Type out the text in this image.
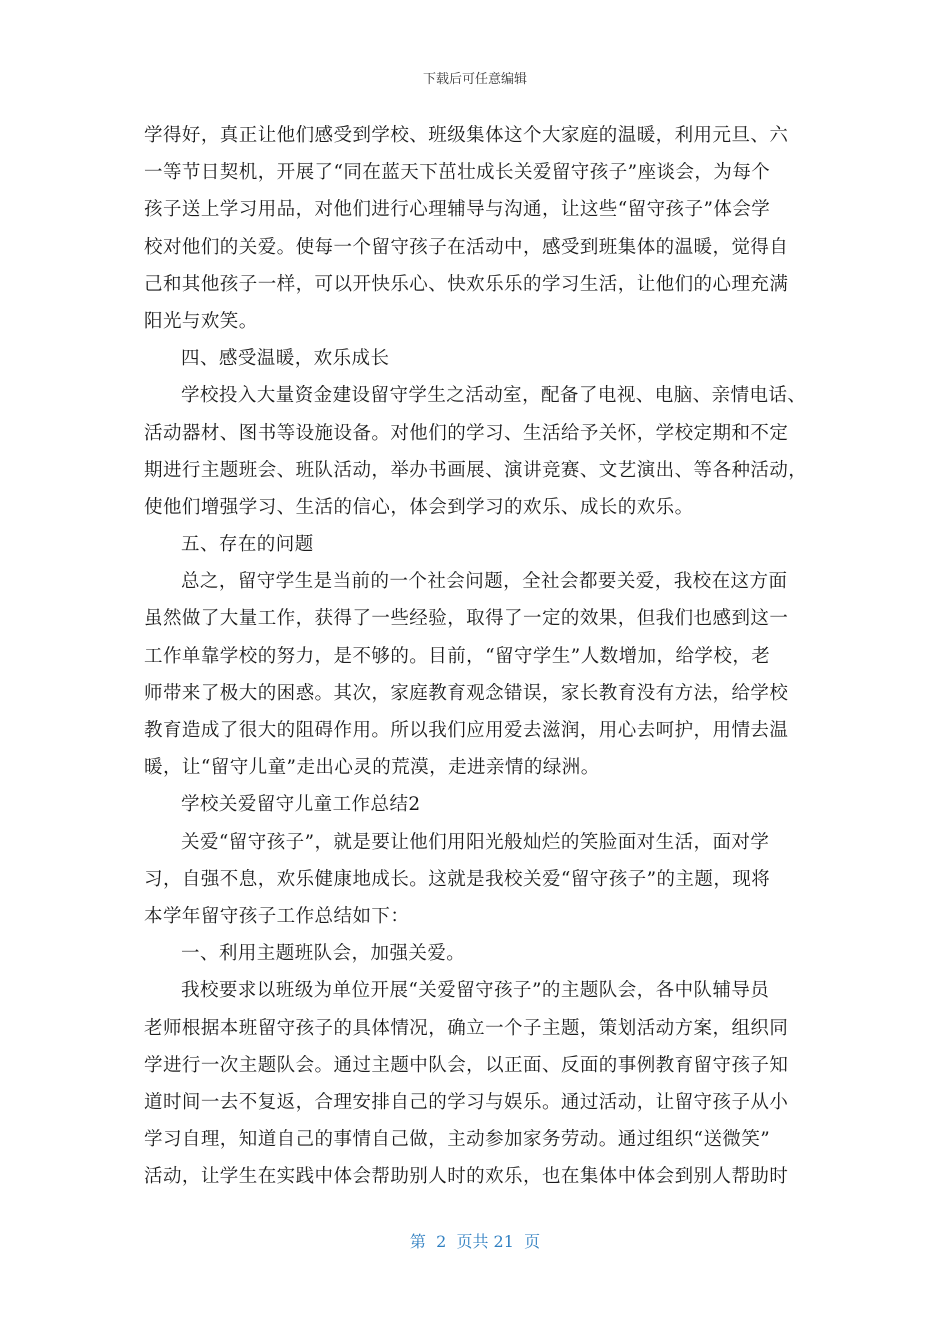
下载后可任意编辑
学得好，真正让他们感受到学校、班级集体这个大家庭的温暖，利用元旦、六
一等节日契机，开展了“同在蓝天下茁壮成长关爱留守孩子”座谈会，为每个
孩子送上学习用品，对他们进行心理辅导与沟通，让这些“留守孩子”体会学
校对他们的关爱。使每一个留守孩子在活动中，感受到班集体的温暖，觉得自
己和其他孩子一样，可以开快乐心、快欢乐乐的学习生活，让他们的心理充满
阳光与欢笑。
四、感受温暖，欢乐成长
学校投入大量资金建设留守学生之活动室，配备了电视、电脑、亲情电话、
活动器材、图书等设施设备。对他们的学习、生活给予关怀，学校定期和不定
期进行主题班会、班队活动，举办书画展、演讲竞赛、文艺演出、等各种活动，
使他们增强学习、生活的信心，体会到学习的欢乐、成长的欢乐。
五、存在的问题
总之，留守学生是当前的一个社会问题，全社会都要关爱，我校在这方面
虽然做了大量工作，获得了一些经验，取得了一定的效果，但我们也感到这一
工作单靠学校的努力，是不够的。目前，“留守学生”人数增加，给学校，老
师带来了极大的困惑。其次，家庭教育观念错误，家长教育没有方法，给学校
教育造成了很大的阻碍作用。所以我们应用爱去滋润，用心去呵护，用情去温
暖，让“留守儿童”走出心灵的荒漠，走进亲情的绿洲。
学校关爱留守儿童工作总结2
关爱“留守孩子”，就是要让他们用阳光般灿烂的笑脸面对生活，面对学
习，自强不息，欢乐健康地成长。这就是我校关爱“留守孩子”的主题，现将
本学年留守孩子工作总结如下：
一、利用主题班队会，加强关爱。
我校要求以班级为单位开展“关爱留守孩子”的主题队会，各中队辅导员
老师根据本班留守孩子的具体情况，确立一个子主题，策划活动方案，组织同
学进行一次主题队会。通过主题中队会，以正面、反面的事例教育留守孩子知
道时间一去不复返，合理安排自己的学习与娱乐。通过活动，让留守孩子从小
学习自理，知道自己的事情自己做，主动参加家务劳动。通过组织“送微笑”
活动，让学生在实践中体会帮助别人时的欢乐，也在集体中体会到别人帮助时
第  2  页共 21  页
